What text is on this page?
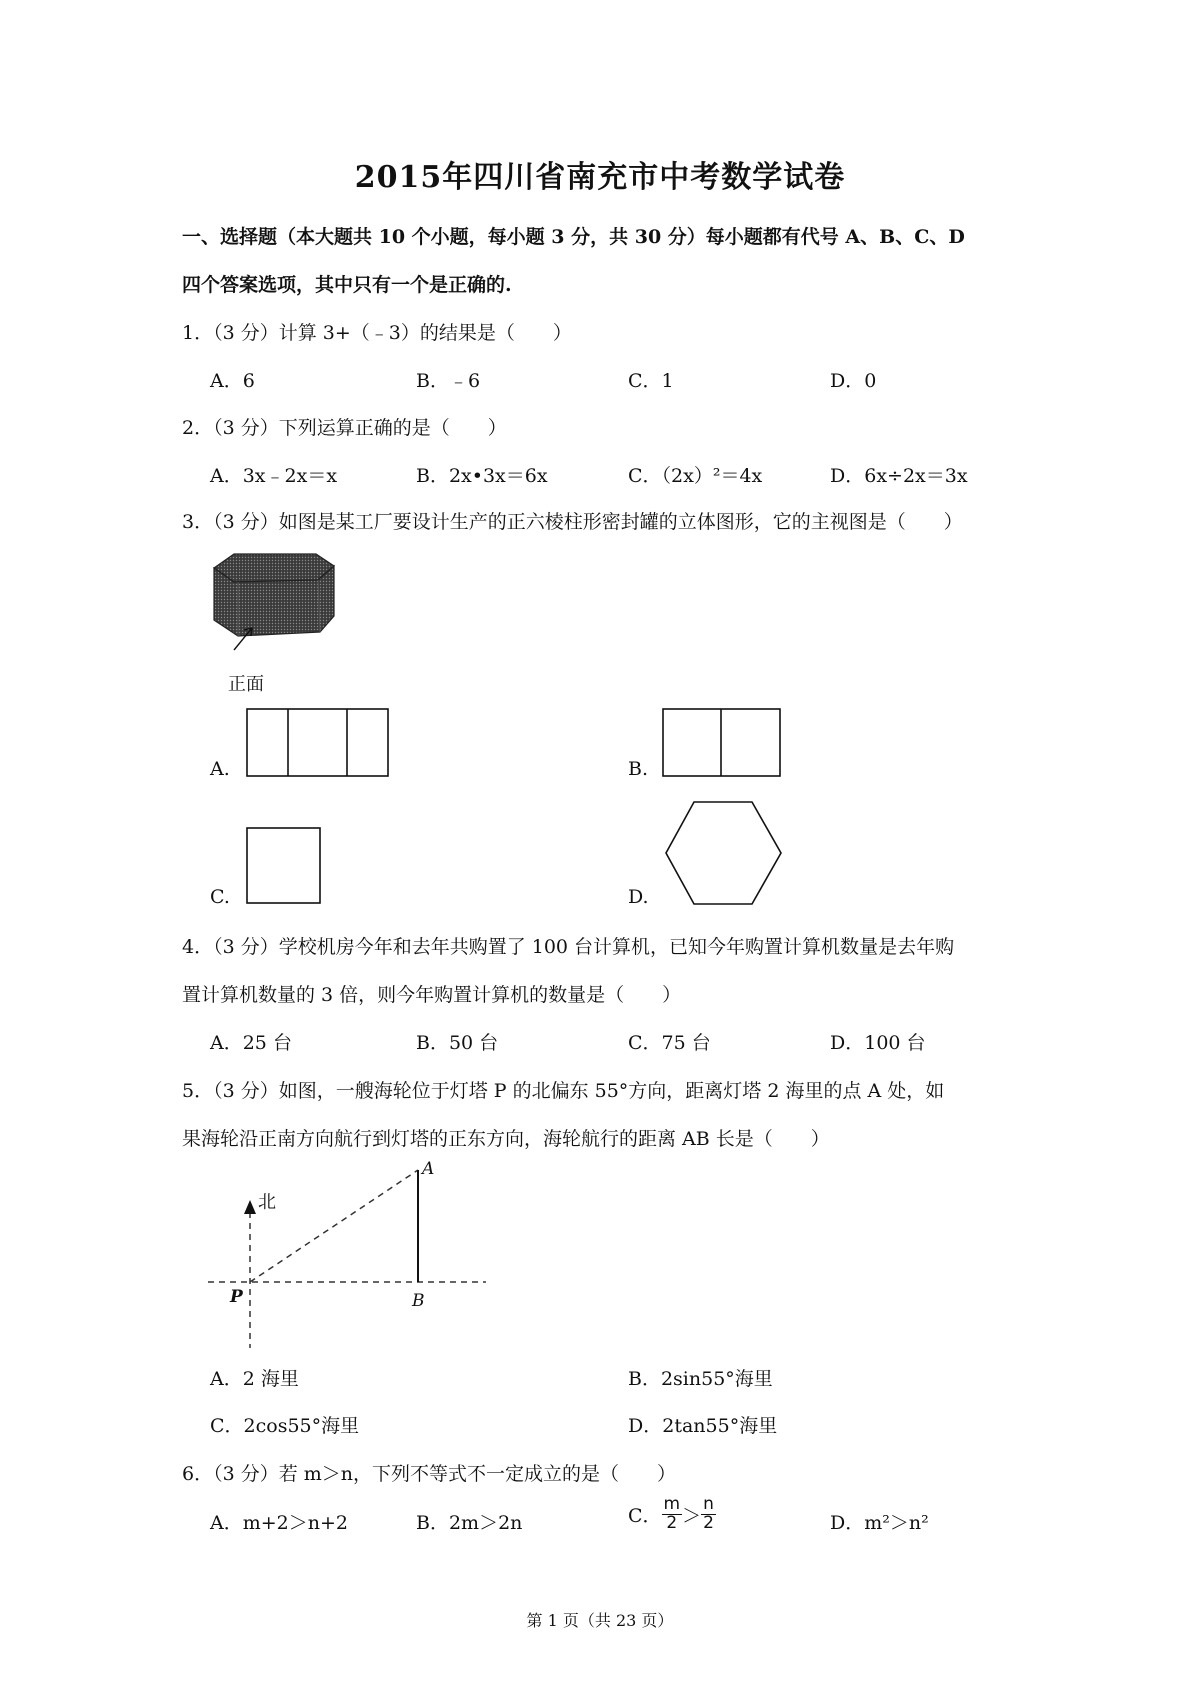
2015年四川省南充市中考数学试卷
一、选择题（本大题共 10 个小题，每小题 3 分，共 30 分）每小题都有代号 A、B、C、D
四个答案选项，其中只有一个是正确的.
1．（3 分）计算 3+（﹣3）的结果是（　　）
A．6	B．﹣6	C．1	D．0
2．（3 分）下列运算正确的是（　　）
A．3x﹣2x＝x	B．2x•3x＝6x	C．（2x）²＝4x	D．6x÷2x＝3x
3．（3 分）如图是某工厂要设计生产的正六棱柱形密封罐的立体图形，它的主视图是（　　）
正面
A.	B.
C.	D.
4．（3 分）学校机房今年和去年共购置了 100 台计算机，已知今年购置计算机数量是去年购
置计算机数量的 3 倍，则今年购置计算机的数量是（　　）
A．25 台	B．50 台	C．75 台	D．100 台
5．（3 分）如图，一艘海轮位于灯塔 P 的北偏东 55°方向，距离灯塔 2 海里的点 A 处，如
果海轮沿正南方向航行到灯塔的正东方向，海轮航行的距离 AB 长是（　　）
北
P
A
B
A．2 海里	B．2sin55°海里
C．2cos55°海里	D．2tan55°海里
6．（3 分）若 m＞n，下列不等式不一定成立的是（　　）
A．m+2＞n+2	B．2m＞2n	C． $\frac{m}{2} > \frac{n}{2}$	D．m²＞n²
第 1 页（共 23 页）
